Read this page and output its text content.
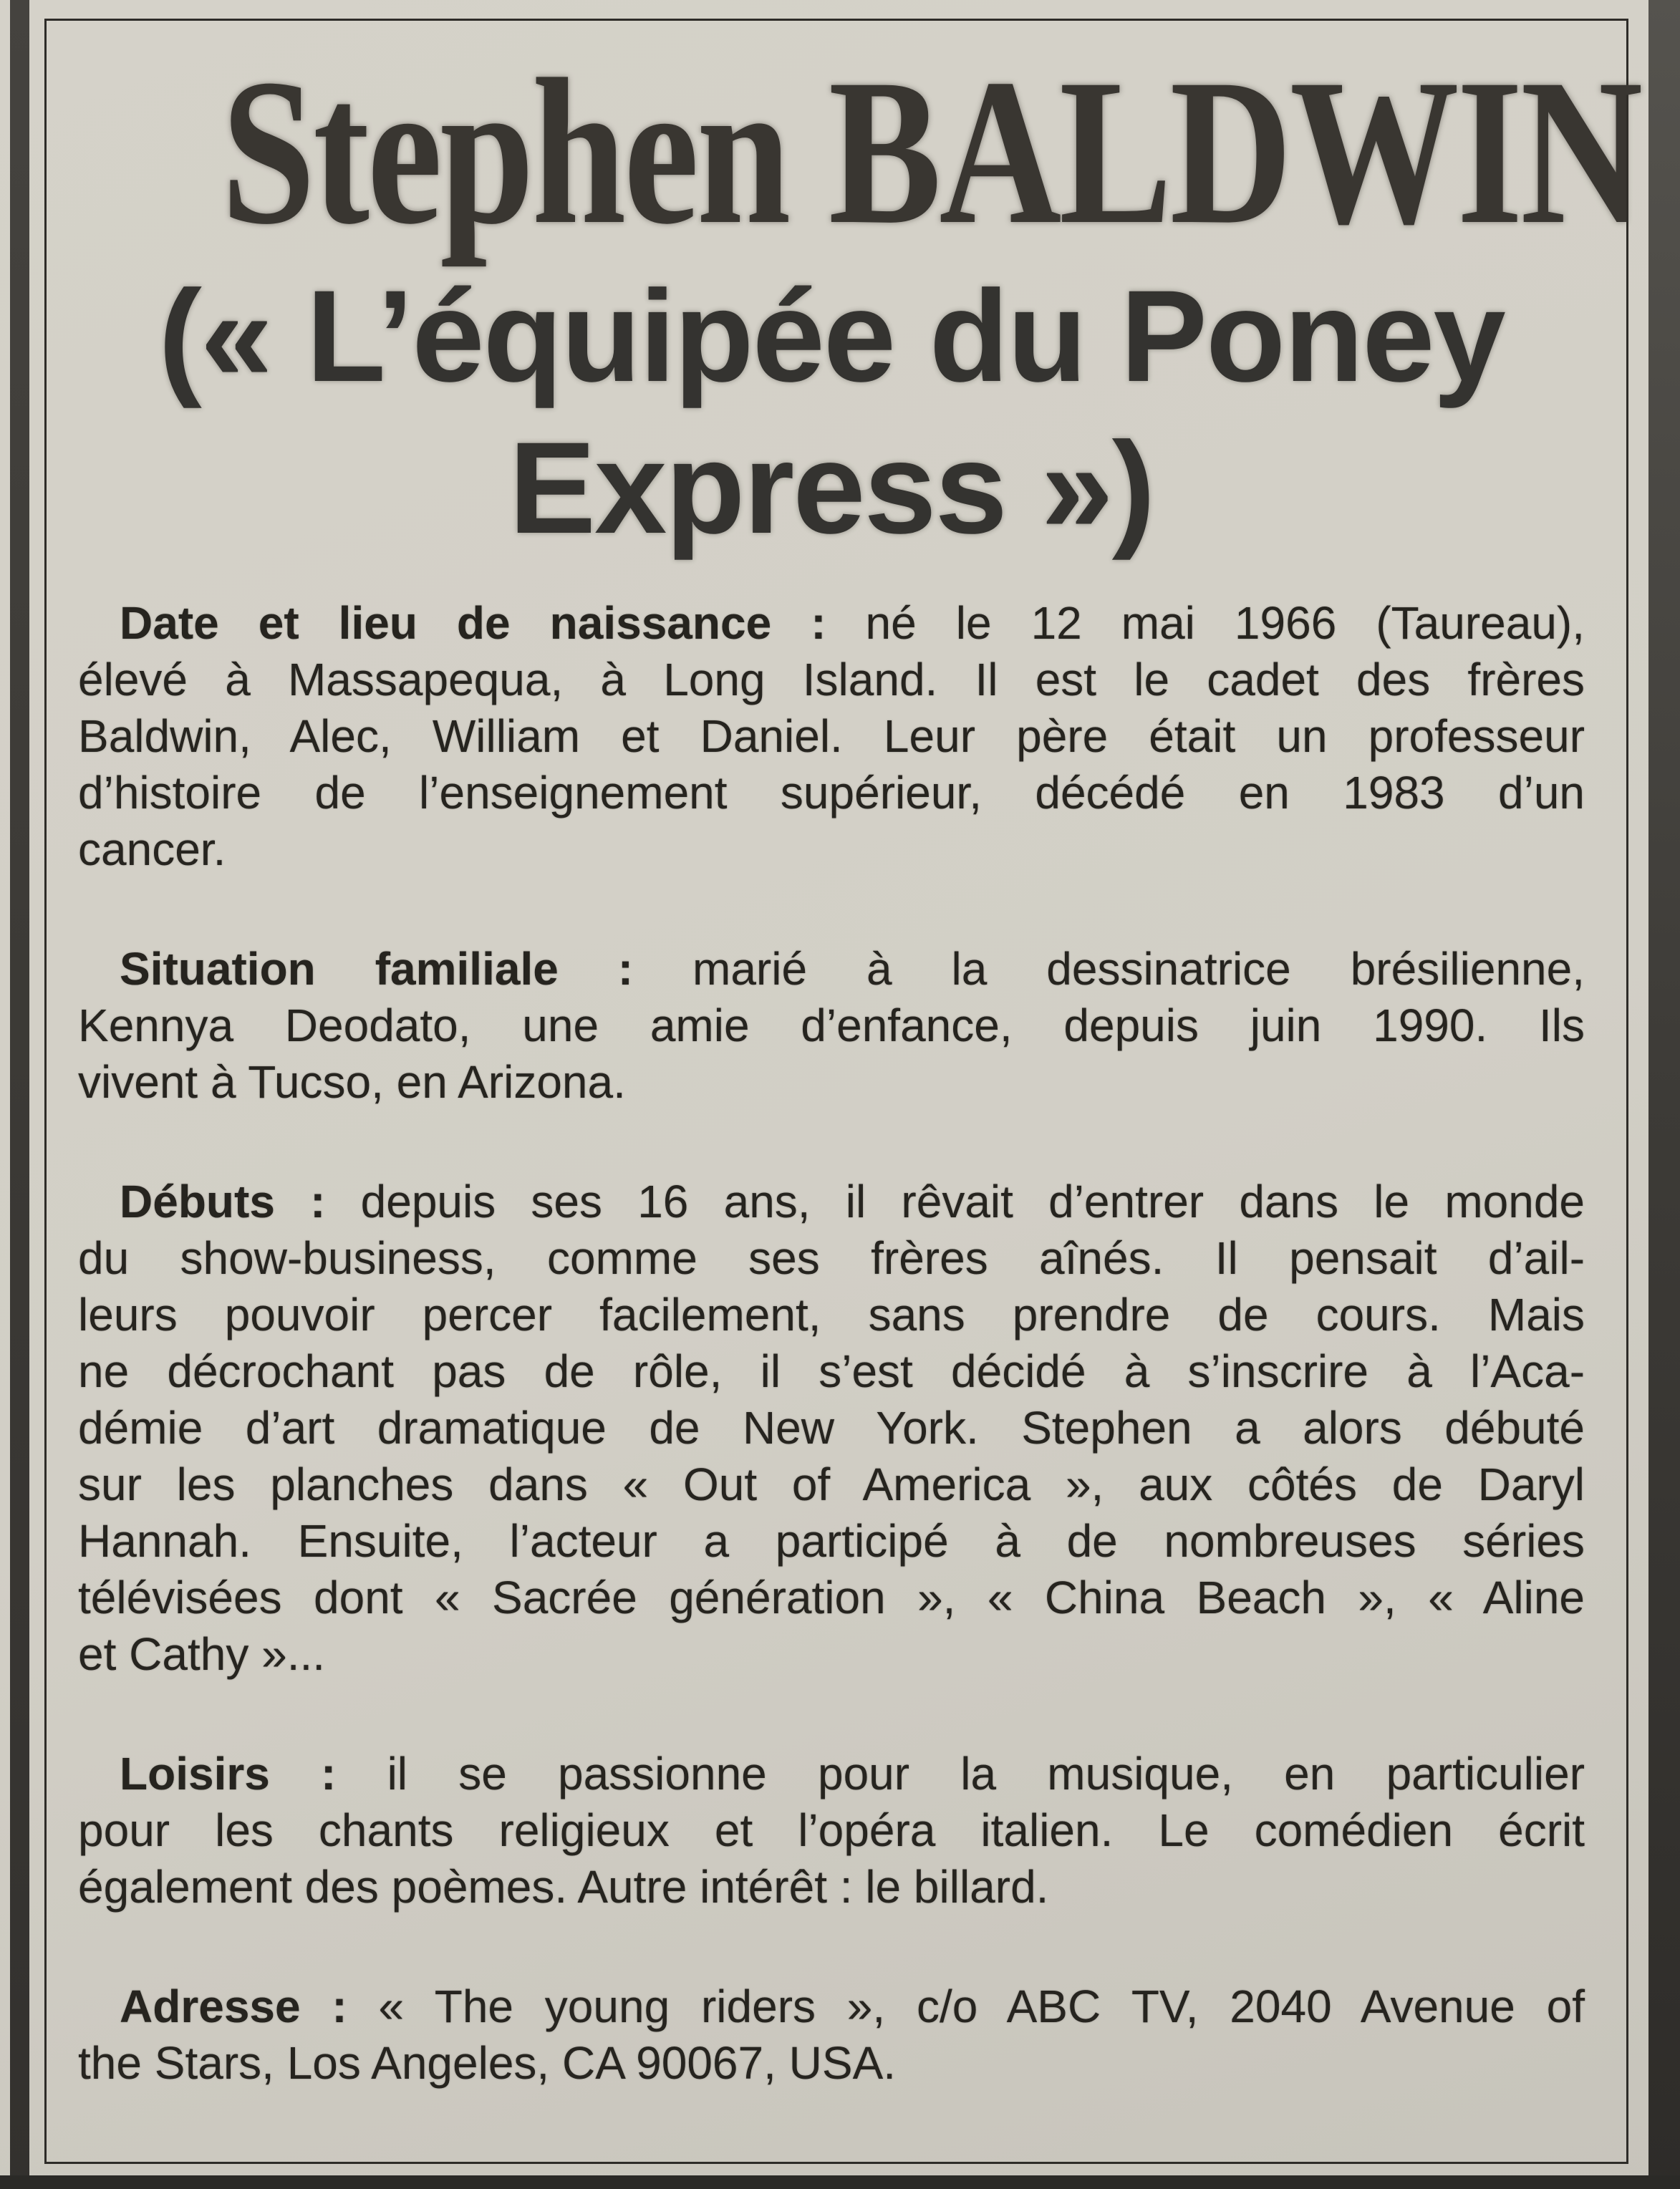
Stephen BALDWIN

(« L’équipée du Poney

Express »)

Date et lieu de naissance : né le 12 mai 1966 (Taureau),

élevé à Massapequa, à Long Island. Il est le cadet des frères

Baldwin, Alec, William et Daniel. Leur père était un professeur

d’histoire de l’enseignement supérieur, décédé en 1983 d’un

cancer.

Situation familiale : marié à la dessinatrice brésilienne,

Kennya Deodato, une amie d’enfance, depuis juin 1990. Ils

vivent à Tucso, en Arizona.

Débuts : depuis ses 16 ans, il rêvait d’entrer dans le monde

du show-business, comme ses frères aînés. Il pensait d’ail-

leurs pouvoir percer facilement, sans prendre de cours. Mais

ne décrochant pas de rôle, il s’est décidé à s’inscrire à l’Aca-

démie d’art dramatique de New York. Stephen a alors débuté

sur les planches dans « Out of America », aux côtés de Daryl

Hannah. Ensuite, l’acteur a participé à de nombreuses séries

télévisées dont « Sacrée génération », « China Beach », « Aline

et Cathy »...

Loisirs : il se passionne pour la musique, en particulier

pour les chants religieux et l’opéra italien. Le comédien écrit

également des poèmes. Autre intérêt : le billard.

Adresse : « The young riders », c/o ABC TV, 2040 Avenue of

the Stars, Los Angeles, CA 90067, USA.
